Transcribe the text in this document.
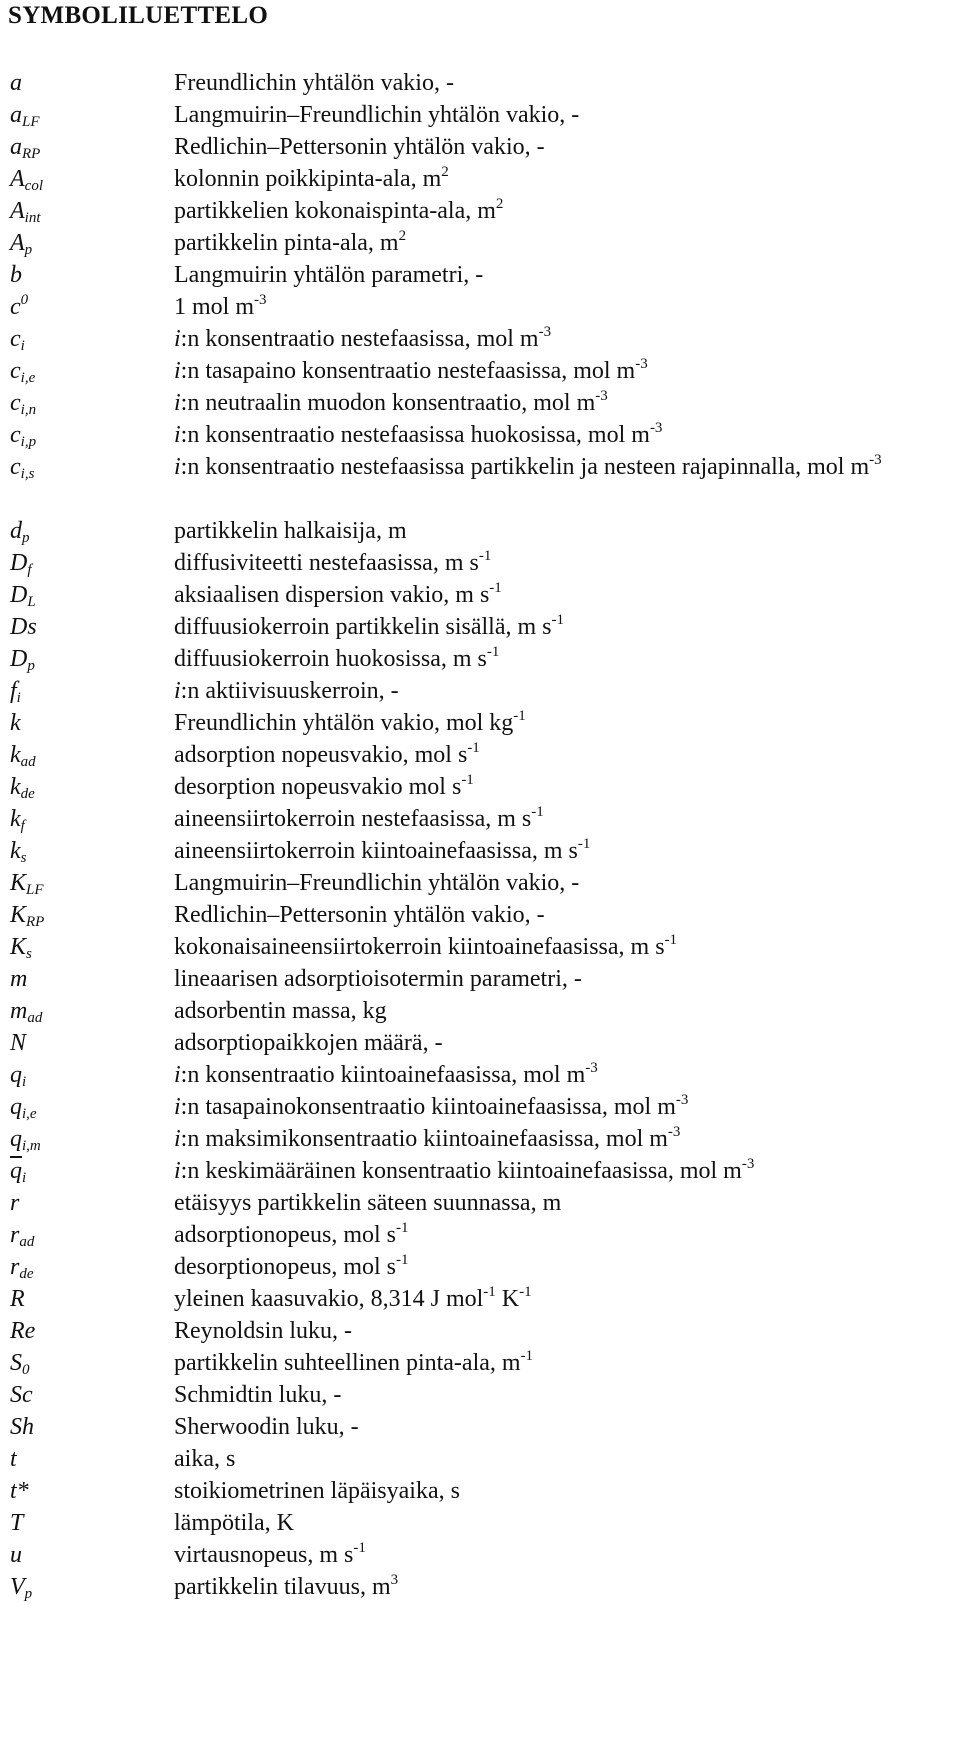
SYMBOLILUETTELO
a	Freundlichin yhtälön vakio, -
$a_{LF}$	Langmuirin–Freundlichin yhtälön vakio, -
$a_{RP}$	Redlichin–Pettersonin yhtälön vakio, -
$A_{col}$	kolonnin poikkipinta-ala, $m^2$
$A_{int}$	partikkelien kokonaispinta-ala, $m^2$
$A_p$	partikkelin pinta-ala, $m^2$
b	Langmuirin yhtälön parametri, -
$c^0$	1 mol $m^{-3}$
$c_i$	i:n konsentraatio nestefaasissa, mol $m^{-3}$
$c_{i,e}$	i:n tasapaino konsentraatio nestefaasissa, mol $m^{-3}$
$c_{i,n}$	i:n neutraalin muodon konsentraatio, mol $m^{-3}$
$c_{i,p}$	i:n konsentraatio nestefaasissa huokosissa, mol $m^{-3}$
$c_{i,s}$	i:n konsentraatio nestefaasissa partikkelin ja nesteen rajapinnalla, mol $m^{-3}$
$d_p$	partikkelin halkaisija, m
$D_f$	diffusiviteetti nestefaasissa, m $s^{-1}$
$D_L$	aksiaalisen dispersion vakio, m $s^{-1}$
Ds	diffuusiokerroin partikkelin sisällä, m $s^{-1}$
$D_p$	diffuusiokerroin huokosissa, m $s^{-1}$
$f_i$	i:n aktiivisuuskerroin, -
k	Freundlichin yhtälön vakio, mol $kg^{-1}$
$k_{ad}$	adsorption nopeusvakio, mol $s^{-1}$
$k_{de}$	desorption nopeusvakio mol $s^{-1}$
$k_f$	aineensiirtokerroin nestefaasissa, m $s^{-1}$
$k_s$	aineensiirtokerroin kiintoainefaasissa, m $s^{-1}$
$K_{LF}$	Langmuirin–Freundlichin yhtälön vakio, -
$K_{RP}$	Redlichin–Pettersonin yhtälön vakio, -
$K_s$	kokonaisaineensiirtokerroin kiintoainefaasissa, m $s^{-1}$
m	lineaarisen adsorptioisotermin parametri, -
$m_{ad}$	adsorbentin massa, kg
N	adsorptiopaikkojen määrä, -
$q_i$	i:n konsentraatio kiintoainefaasissa, mol $m^{-3}$
$q_{i,e}$	i:n tasapainokonsentraatio kiintoainefaasissa, mol $m^{-3}$
$q_{i,m}$	i:n maksimikonsentraatio kiintoainefaasissa, mol $m^{-3}$
$\overline{q}_i$	i:n keskimääräinen konsentraatio kiintoainefaasissa, mol $m^{-3}$
r	etäisyys partikkelin säteen suunnassa, m
$r_{ad}$	adsorptionopeus, mol $s^{-1}$
$r_{de}$	desorptionopeus, mol $s^{-1}$
R	yleinen kaasuvakio, 8,314 J mol$^{-1}$ $K^{-1}$
Re	Reynoldsin luku, -
$S_0$	partikkelin suhteellinen pinta-ala, $m^{-1}$
Sc	Schmidtin luku, -
Sh	Sherwoodin luku, -
t	aika, s
t*	stoikiometrinen läpäisyaika, s
T	lämpötila, K
u	virtausnopeus, m $s^{-1}$
$V_p$	partikkelin tilavuus, $m^3$
